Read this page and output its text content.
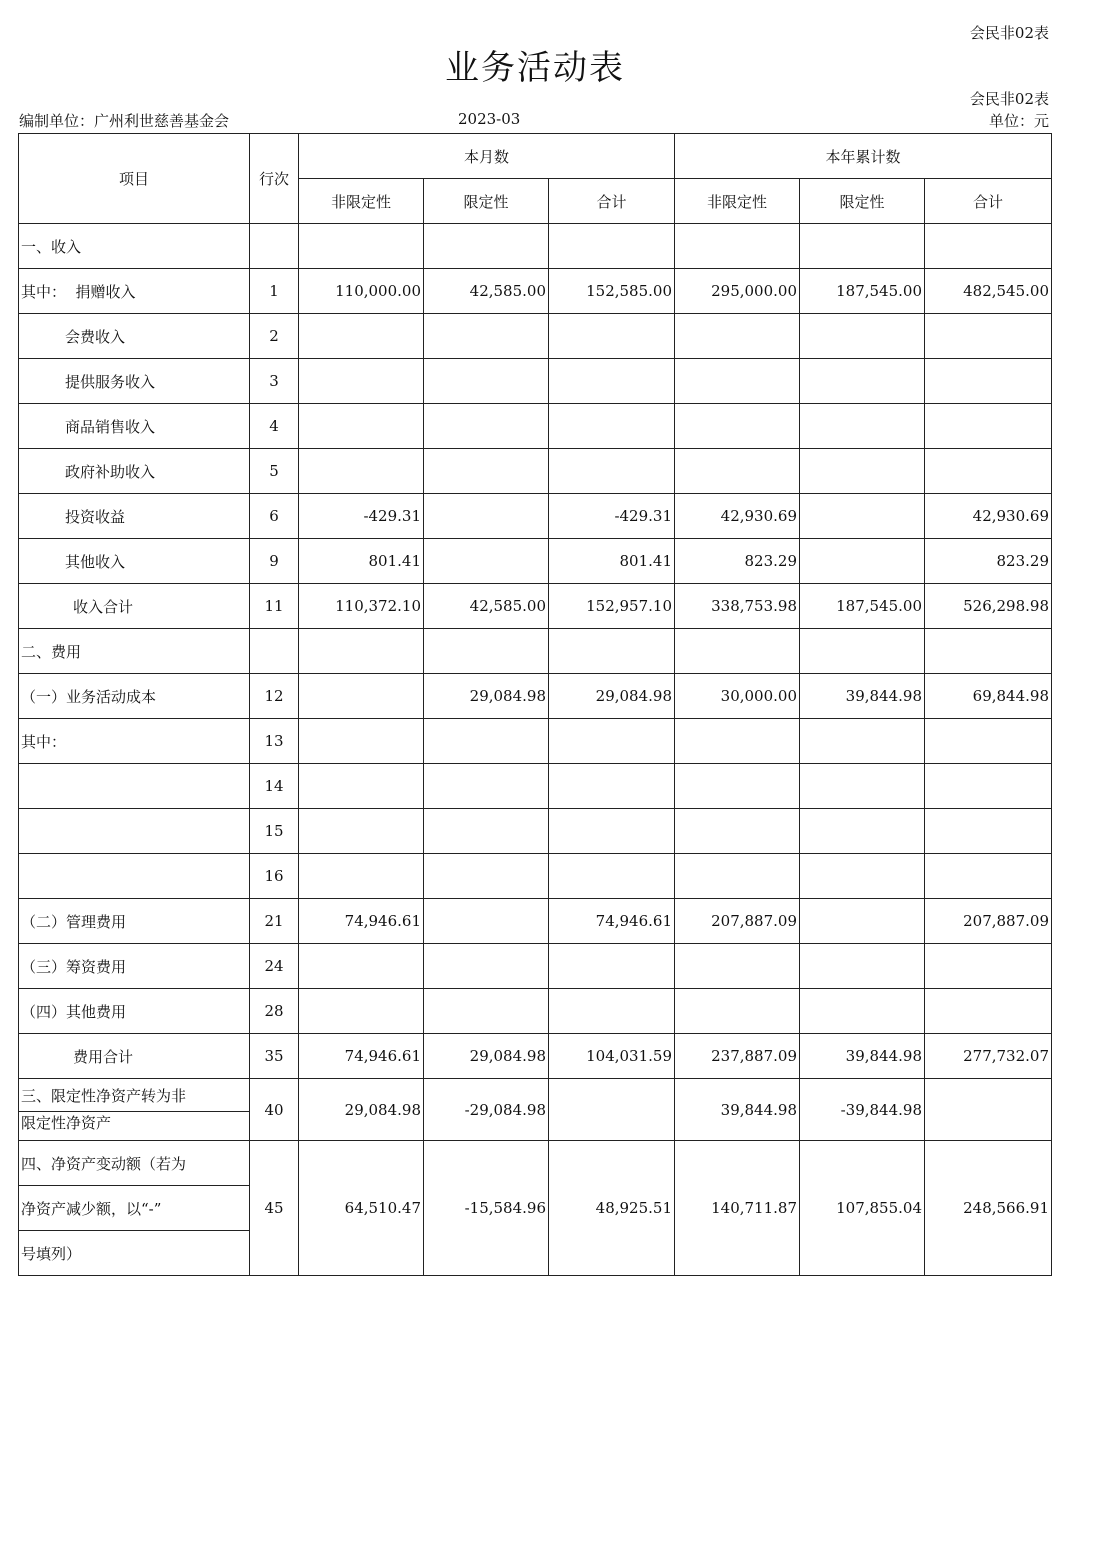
会民非02表
业务活动表
会民非02表
编制单位：广州利世慈善基金会	2023-03	单位：元
项目	行次	本月数			本年累计数		
		非限定性	限定性	合计	非限定性	限定性	合计
一、收入							
其中：  捐赠收入	1	110,000.00	42,585.00	152,585.00	295,000.00	187,545.00	482,545.00
会费收入	2						
提供服务收入	3						
商品销售收入	4						
政府补助收入	5						
投资收益	6	-429.31		-429.31	42,930.69		42,930.69
其他收入	9	801.41		801.41	823.29		823.29
收入合计	11	110,372.10	42,585.00	152,957.10	338,753.98	187,545.00	526,298.98
二、费用							
（一）业务活动成本	12		29,084.98	29,084.98	30,000.00	39,844.98	69,844.98
其中：	13						
	14						
	15						
	16						
（二）管理费用	21	74,946.61		74,946.61	207,887.09		207,887.09
（三）筹资费用	24						
（四）其他费用	28						
费用合计	35	74,946.61	29,084.98	104,031.59	237,887.09	39,844.98	277,732.07
三、限定性净资产转为非	40	29,084.98	-29,084.98		39,844.98	-39,844.98	
限定性净资产							
四、净资产变动额（若为	45	64,510.47	-15,584.96	48,925.51	140,711.87	107,855.04	248,566.91
净资产减少额，以“-”							
号填列）							
